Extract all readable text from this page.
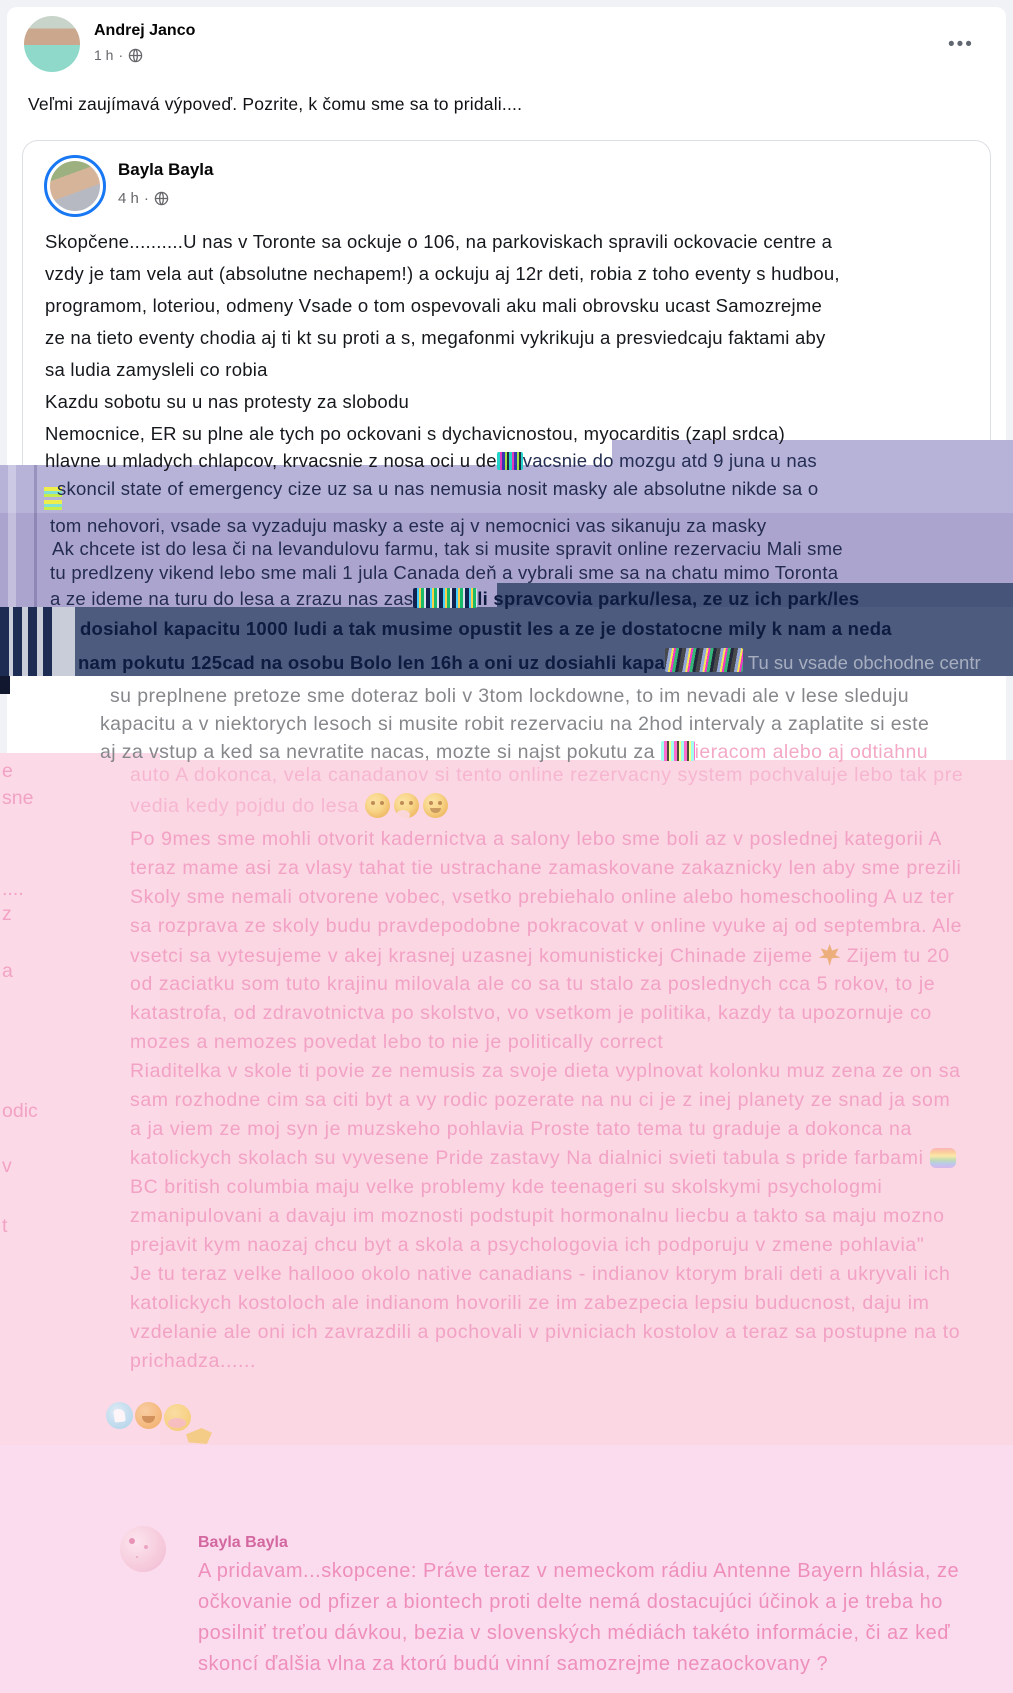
Andrej Janco
1 h ·	•••
Veľmi zaujímavá výpoveď. Pozrite, k čomu sme sa to pridali....
Bayla Bayla
4 h ·
Skopčene..........U nas v Toronte sa ockuje o 106, na parkoviskach spravili ockovacie centre a
vzdy je tam vela aut (absolutne nechapem!) a ockuju aj 12r deti, robia z toho eventy s hudbou,
programom, loteriou, odmeny Vsade o tom ospevovali aku mali obrovsku ucast Samozrejme
ze na tieto eventy chodia aj ti kt su proti a s, megafonmi vykrikuju a presviedcaju faktami aby
sa ludia zamysleli co robia
Kazdu sobotu su u nas protesty za slobodu
Nemocnice, ER su plne ale tych po ockovani s dychavicnostou, myocarditis (zapl srdca)
hlavne u mladych chlapcov, krvacsnie z nosa oci u de vacsnie do mozgu atd 9 juna u nas
skoncil state of emergency cize uz sa u nas nemusia nosit masky ale absolutne nikde sa o
tom nehovori, vsade sa vyzaduju masky a este aj v nemocnici vas sikanuju za masky
Ak chcete ist do lesa či na levandulovu farmu, tak si musite spravit online rezervaciu Mali sme
tu predlzeny vikend lebo sme mali 1 jula Canada deň a vybrali sme sa na chatu mimo Toronta
a ze ideme na turu do lesa a zrazu nas zas	li spravcovia parku/lesa, ze uz ich park/les
dosiahol kapacitu 1000 ludi a tak musime opustit les a ze je dostatocne mily k nam a neda
nam pokutu 125cad na osobu Bolo len 16h a oni uz dosiahli kapa	Tu su vsade obchodne centr
su preplnene pretoze sme doteraz boli v 3tom lockdowne, to im nevadi ale v lese sleduju
kapacitu a v niektorych lesoch si musite robit rezervaciu na 2hod intervaly a zaplatite si este
aj za vstup a ked sa nevratite nacas, mozte si najst pokutu za ieracom alebo aj odtiahnu
auto A dokonca, vela canadanov si tento online rezervacny system pochvaluje lebo tak pre
vedia kedy pojdu do lesa
Po 9mes sme mohli otvorit kadernictva a salony lebo sme boli az v poslednej kategorii A
teraz mame asi za vlasy tahat tie ustrachane zamaskovane zakaznicky len aby sme prezili
Skoly sme nemali otvorene vobec, vsetko prebiehalo online alebo homeschooling A uz ter
sa rozprava ze skoly budu pravdepodobne pokracovat v online vyuke aj od septembra. Ale
vsetci sa vytesujeme v akej krasnej uzasnej komunistickej Chinade zijeme  Zijem tu 20
od zaciatku som tuto krajinu milovala ale co sa tu stalo za poslednych cca 5 rokov, to je
katastrofa, od zdravotnictva po skolstvo, vo vsetkom je politika, kazdy ta upozornuje co
mozes a nemozes povedat lebo to nie je politically correct
Riaditelka v skole ti povie ze nemusis za svoje dieta vyplnovat kolonku muz zena ze on sa
sam rozhodne cim sa citi byt a vy rodic pozerate na nu ci je z inej planety ze snad ja som
a ja viem ze moj syn je muzskeho pohlavia Proste tato tema tu graduje a dokonca na
katolickych skolach su vyvesene Pride zastavy Na dialnici svieti tabula s pride farbami
BC british columbia maju velke problemy kde teenageri su skolskymi psychologmi
zmanipulovani a davaju im moznosti podstupit hormonalnu liecbu a takto sa maju mozno
prejavit kym naozaj chcu byt a skola a psychologovia ich podporuju v zmene pohlavia"
Je tu teraz velke hallooo okolo native canadians - indianov ktorym brali deti a ukryvali ich
katolickych kostoloch ale indianom hovorili ze im zabezpecia lepsiu buducnost, daju im
vzdelanie ale oni ich zavrazdili a pochovali v pivniciach kostolov a teraz sa postupne na to
prichadza......
e
sne
....
z
a
odic
v
t
Bayla Bayla
A pridavam...skopcene: Práve teraz v nemeckom rádiu Antenne Bayern hlásia, ze
očkovanie od pfizer a biontech proti delte nemá dostacujúci účinok a je treba ho
posilniť treťou dávkou, bezia v slovenských médiách takéto informácie, či az keď
skoncí ďalšia vlna za ktorú budú vinní samozrejme nezaockovany ?
